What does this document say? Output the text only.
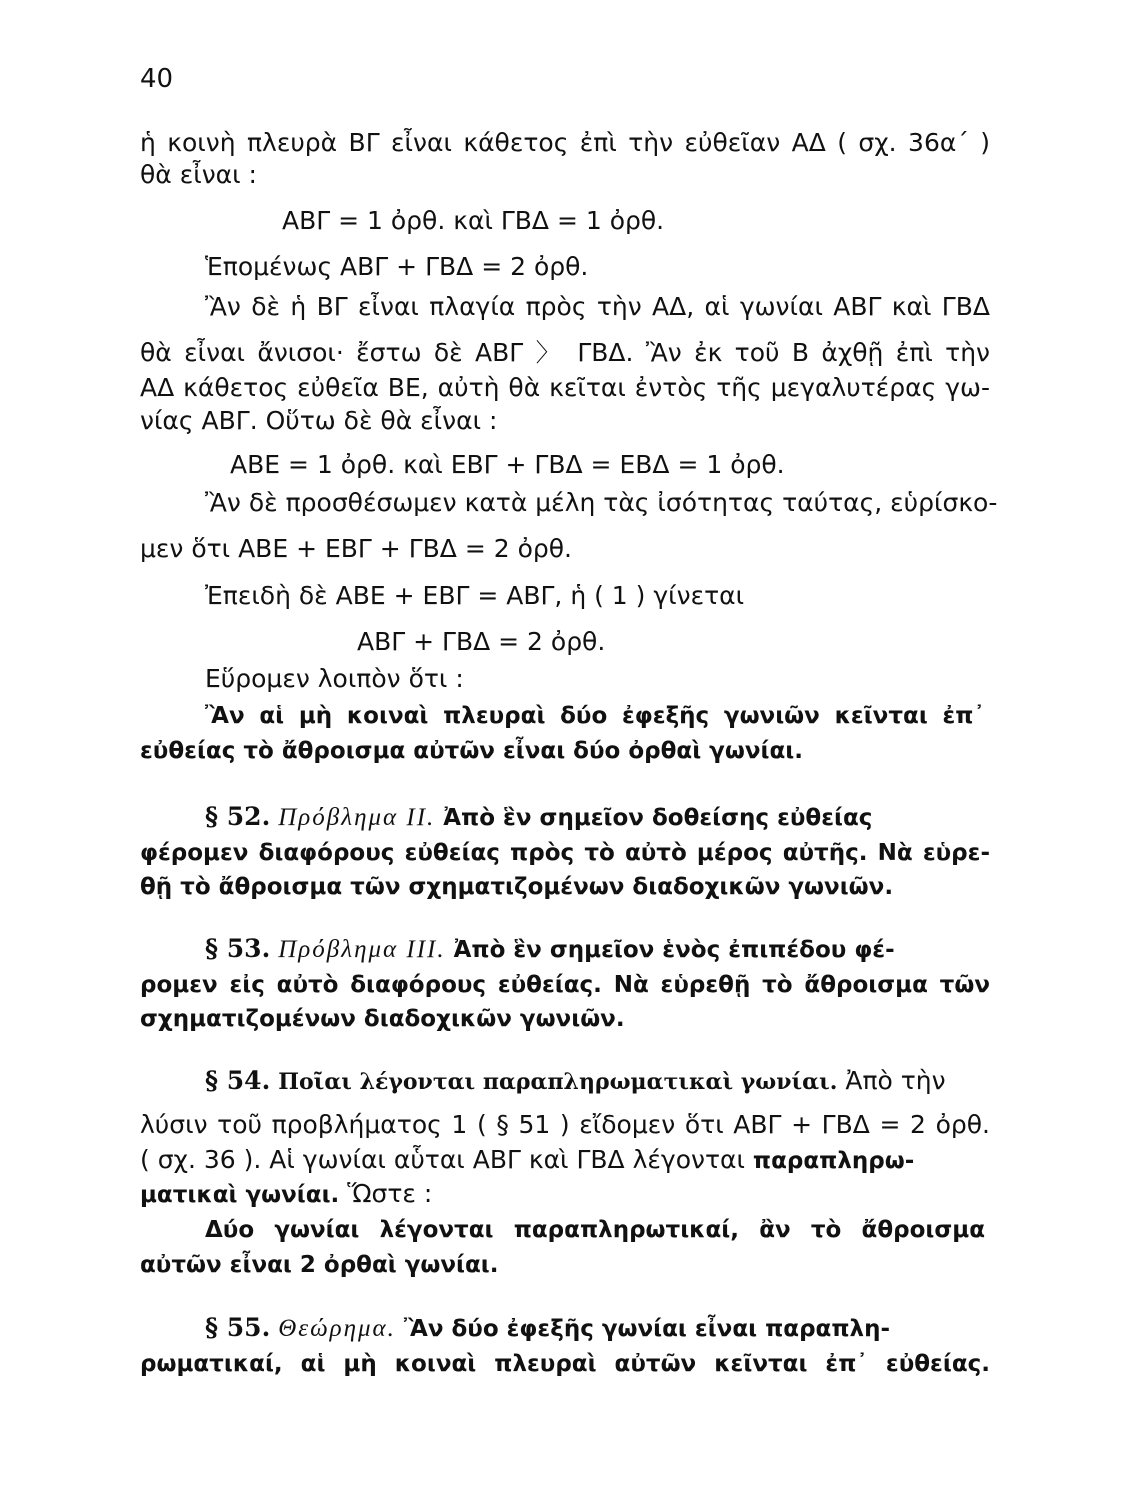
40
ἡ κοινὴ πλευρὰ ΒΓ εἶναι κάθετος ἐπὶ τὴν εὐθεῖαν ΑΔ ( σχ. 36α΄ )
θὰ εἶναι :
ΑΒΓ = 1 ὀρθ. καὶ ΓΒΔ = 1 ὀρθ.
Ἑπομένως ΑΒΓ + ΓΒΔ = 2 ὀρθ.
Ἂν δὲ ἡ ΒΓ εἶναι πλαγία πρὸς τὴν ΑΔ, αἱ γωνίαι ΑΒΓ καὶ ΓΒΔ
θὰ εἶναι ἄνισοι· ἔστω δὲ ΑΒΓ 〉 ΓΒΔ. Ἂν ἐκ τοῦ Β ἀχθῇ ἐπὶ τὴν
ΑΔ κάθετος εὐθεῖα ΒΕ, αὐτὴ θὰ κεῖται ἐντὸς τῆς μεγαλυτέρας γω-
νίας ΑΒΓ. Οὕτω δὲ θὰ εἶναι :
ΑΒΕ = 1 ὀρθ. καὶ ΕΒΓ + ΓΒΔ = ΕΒΔ = 1 ὀρθ.
Ἂν δὲ προσθέσωμεν κατὰ μέλη τὰς ἰσότητας ταύτας, εὑρίσκο-
μεν ὅτι ΑΒΕ + ΕΒΓ + ΓΒΔ = 2 ὀρθ.
Ἐπειδὴ δὲ ΑΒΕ + ΕΒΓ = ΑΒΓ, ἡ ( 1 ) γίνεται
ΑΒΓ + ΓΒΔ = 2 ὀρθ.
Εὕρομεν λοιπὸν ὅτι :
Ἂν αἱ μὴ κοιναὶ πλευραὶ δύο ἐφεξῆς γωνιῶν κεῖνται ἐπ᾿
εὐθείας τὸ ἄθροισμα αὐτῶν εἶναι δύο ὀρθαὶ γωνίαι.
§ 52. Πρόβλημα ΙΙ. Ἀπὸ ἓν σημεῖον δοθείσης εὐθείας
φέρομεν διαφόρους εὐθείας πρὸς τὸ αὐτὸ μέρος αὐτῆς. Νὰ εὑρε-
θῇ τὸ ἄθροισμα τῶν σχηματιζομένων διαδοχικῶν γωνιῶν.
§ 53. Πρόβλημα ΙΙΙ. Ἀπὸ ἓν σημεῖον ἑνὸς ἐπιπέδου φέ-
ρομεν εἰς αὐτὸ διαφόρους εὐθείας. Νὰ εὑρεθῇ τὸ ἄθροισμα τῶν
σχηματιζομένων διαδοχικῶν γωνιῶν.
§ 54. Ποῖαι λέγονται παραπληρωματικαὶ γωνίαι. Ἀπὸ τὴν
λύσιν τοῦ προβλήματος 1 ( § 51 ) εἴδομεν ὅτι ΑΒΓ + ΓΒΔ = 2 ὀρθ.
( σχ. 36 ). Αἱ γωνίαι αὗται ΑΒΓ καὶ ΓΒΔ λέγονται παραπληρω-
ματικαὶ γωνίαι. Ὥστε :
Δύο γωνίαι λέγονται παραπληρωτικαί, ἂν τὸ ἄθροισμα
αὐτῶν εἶναι 2 ὀρθαὶ γωνίαι.
§ 55. Θεώρημα. Ἂν δύο ἐφεξῆς γωνίαι εἶναι παραπλη-
ρωματικαί, αἱ μὴ κοιναὶ πλευραὶ αὐτῶν κεῖνται ἐπ᾿ εὐθείας.
